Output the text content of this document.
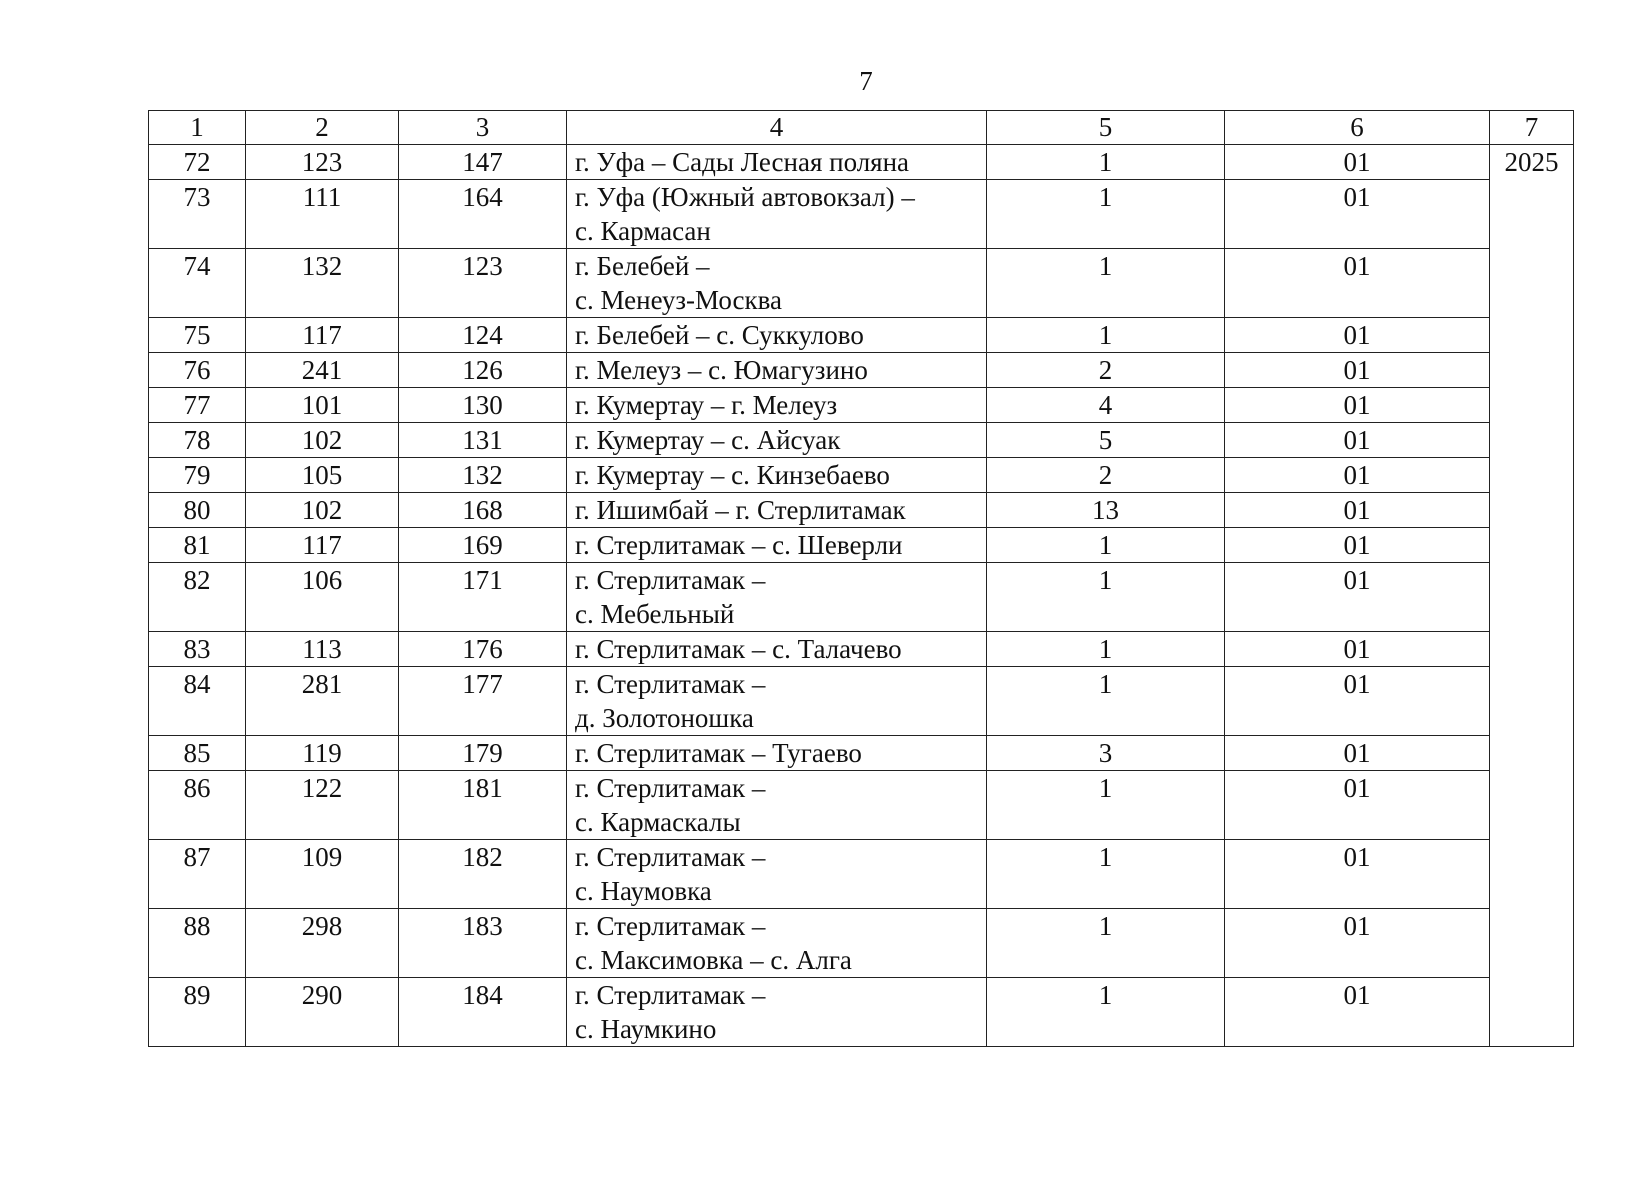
7
1	2	3	4	5	6	7
72	123	147	г. Уфа – Сады Лесная поляна	1	01	2025
73	111	164	г. Уфа (Южный автовокзал) –
с. Кармасан	1	01	
74	132	123	г. Белебей –
с. Менеуз-Москва	1	01	
75	117	124	г. Белебей – с. Суккулово	1	01	
76	241	126	г. Мелеуз – с. Юмагузино	2	01	
77	101	130	г. Кумертау – г. Мелеуз	4	01	
78	102	131	г. Кумертау – с. Айсуак	5	01	
79	105	132	г. Кумертау – с. Кинзебаево	2	01	
80	102	168	г. Ишимбай – г. Стерлитамак	13	01	
81	117	169	г. Стерлитамак – с. Шеверли	1	01	
82	106	171	г. Стерлитамак –
с. Мебельный	1	01	
83	113	176	г. Стерлитамак – с. Талачево	1	01	
84	281	177	г. Стерлитамак –
д. Золотоношка	1	01	
85	119	179	г. Стерлитамак – Тугаево	3	01	
86	122	181	г. Стерлитамак –
с. Кармаскалы	1	01	
87	109	182	г. Стерлитамак –
с. Наумовка	1	01	
88	298	183	г. Стерлитамак –
с. Максимовка – с. Алга	1	01	
89	290	184	г. Стерлитамак –
с. Наумкино	1	01	
